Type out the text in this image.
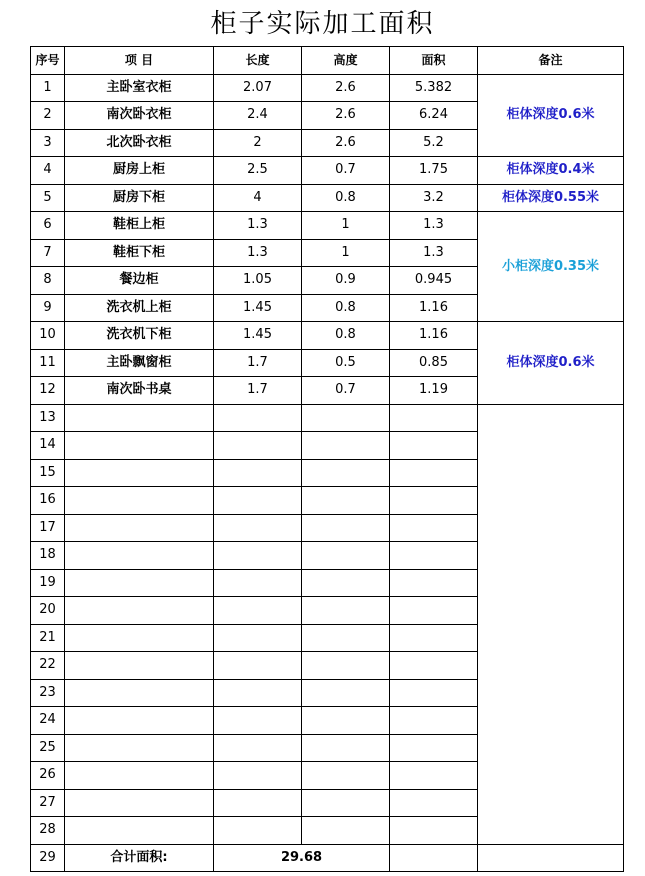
柜子实际加工面积
序号	项 目	长度	高度	面积	备注
1	主卧室衣柜	2.07	2.6	5.382	柜体深度0.6米
2	南次卧衣柜	2.4	2.6	6.24	
3	北次卧衣柜	2	2.6	5.2	
4	厨房上柜	2.5	0.7	1.75	柜体深度0.4米
5	厨房下柜	4	0.8	3.2	柜体深度0.55米
6	鞋柜上柜	1.3	1	1.3	小柜深度0.35米
7	鞋柜下柜	1.3	1	1.3	
8	餐边柜	1.05	0.9	0.945	
9	洗衣机上柜	1.45	0.8	1.16	
10	洗衣机下柜	1.45	0.8	1.16	柜体深度0.6米
11	主卧飘窗柜	1.7	0.5	0.85	
12	南次卧书桌	1.7	0.7	1.19	
13					
14					
15					
16					
17					
18					
19					
20					
21					
22					
23					
24					
25					
26					
27					
28					
29	合计面积:	29.68			
